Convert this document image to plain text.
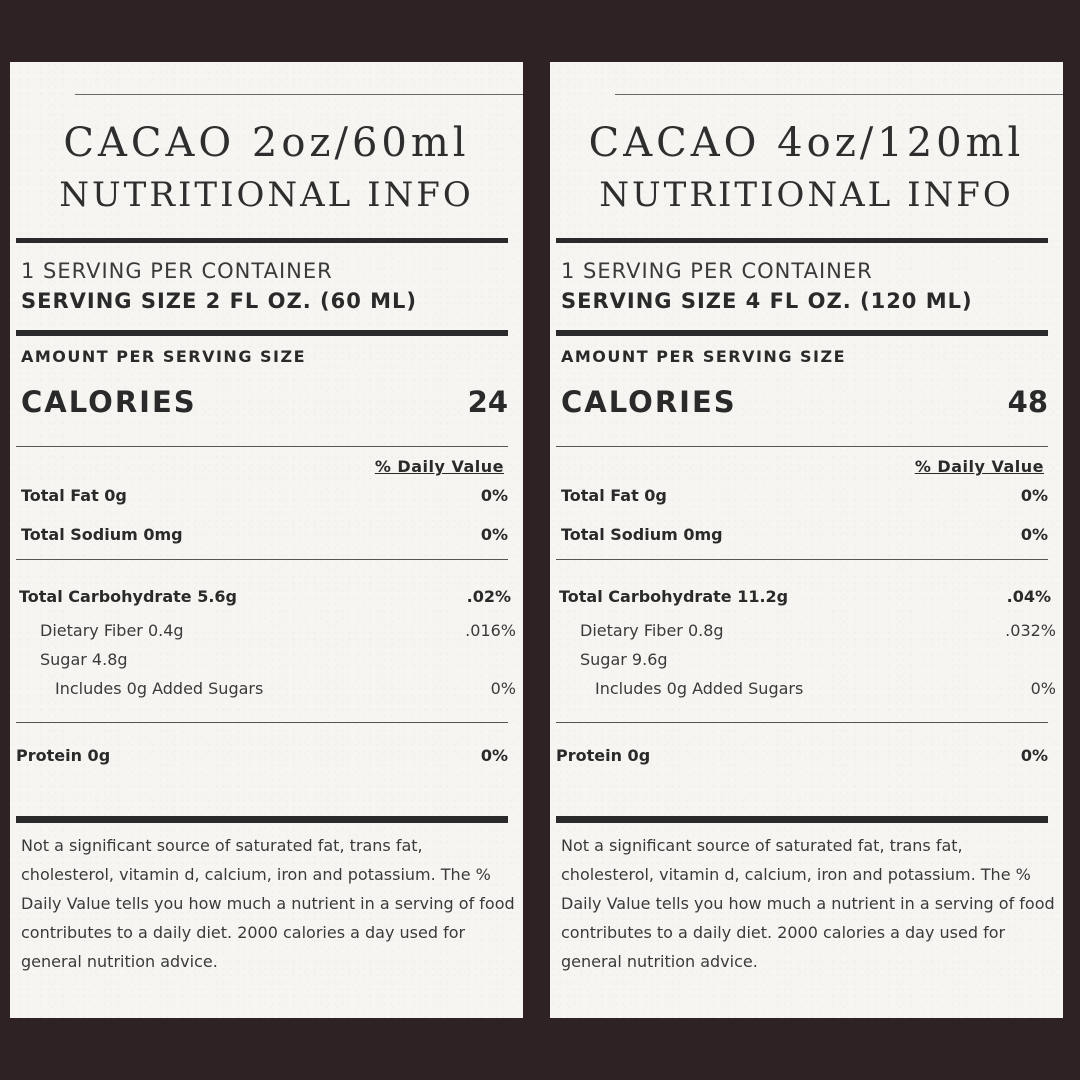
CACAO 2oz/60ml
NUTRITIONAL INFO
1 SERVING PER CONTAINER
SERVING SIZE 2 FL OZ. (60 ML)
AMOUNT PER SERVING SIZE
CALORIES	24
% Daily Value
Total Fat 0g	0%
Total Sodium 0mg	0%
Total Carbohydrate 5.6g	.02%
Dietary Fiber 0.4g	.016%
Sugar 4.8g
Includes 0g Added Sugars	0%
Protein 0g	0%
Not a significant source of saturated fat, trans fat, cholesterol, vitamin d, calcium, iron and potassium. The % Daily Value tells you how much a nutrient in a serving of food contributes to a daily diet. 2000 calories a day used for general nutrition advice.
CACAO 4oz/120ml
NUTRITIONAL INFO
1 SERVING PER CONTAINER
SERVING SIZE 4 FL OZ. (120 ML)
AMOUNT PER SERVING SIZE
CALORIES	48
% Daily Value
Total Fat 0g	0%
Total Sodium 0mg	0%
Total Carbohydrate 11.2g	.04%
Dietary Fiber 0.8g	.032%
Sugar 9.6g
Includes 0g Added Sugars	0%
Protein 0g	0%
Not a significant source of saturated fat, trans fat, cholesterol, vitamin d, calcium, iron and potassium. The % Daily Value tells you how much a nutrient in a serving of food contributes to a daily diet. 2000 calories a day used for general nutrition advice.
